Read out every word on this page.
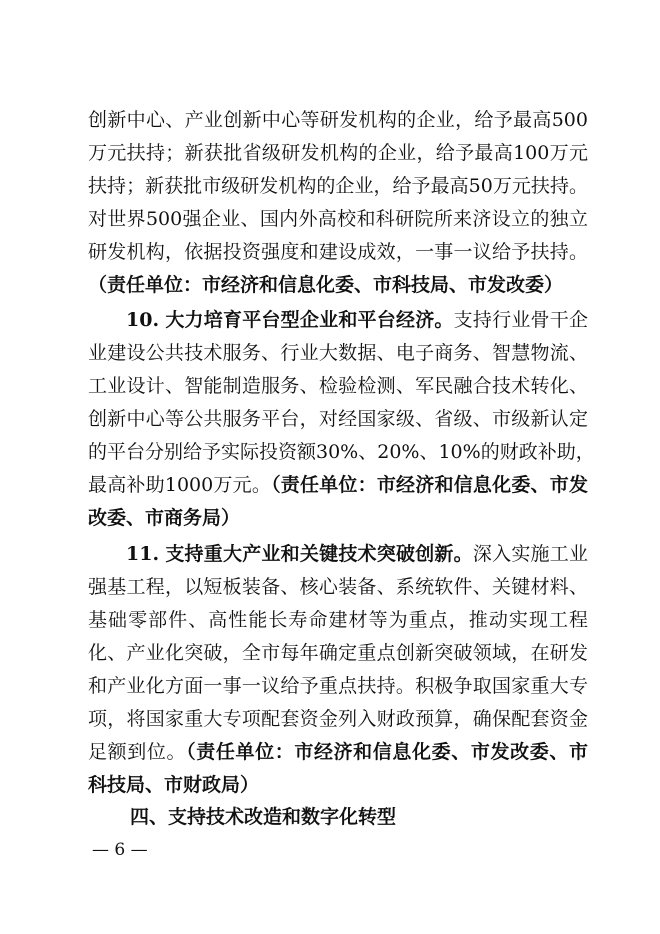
创新中心、产业创新中心等研发机构的企业，给予最高500
万元扶持；新获批省级研发机构的企业，给予最高100万元
扶持；新获批市级研发机构的企业，给予最高50万元扶持。
对世界500强企业、国内外高校和科研院所来济设立的独立
研发机构，依据投资强度和建设成效，一事一议给予扶持。
（责任单位：市经济和信息化委、市科技局、市发改委）
10. 大力培育平台型企业和平台经济。支持行业骨干企
业建设公共技术服务、行业大数据、电子商务、智慧物流、
工业设计、智能制造服务、检验检测、军民融合技术转化、
创新中心等公共服务平台，对经国家级、省级、市级新认定
的平台分别给予实际投资额30%、20%、10%的财政补助，
最高补助1000万元。（责任单位：市经济和信息化委、市发
改委、市商务局）
11. 支持重大产业和关键技术突破创新。深入实施工业
强基工程，以短板装备、核心装备、系统软件、关键材料、
基础零部件、高性能长寿命建材等为重点，推动实现工程
化、产业化突破，全市每年确定重点创新突破领域，在研发
和产业化方面一事一议给予重点扶持。积极争取国家重大专
项，将国家重大专项配套资金列入财政预算，确保配套资金
足额到位。（责任单位：市经济和信息化委、市发改委、市
科技局、市财政局）
四、支持技术改造和数字化转型
— 6 —
